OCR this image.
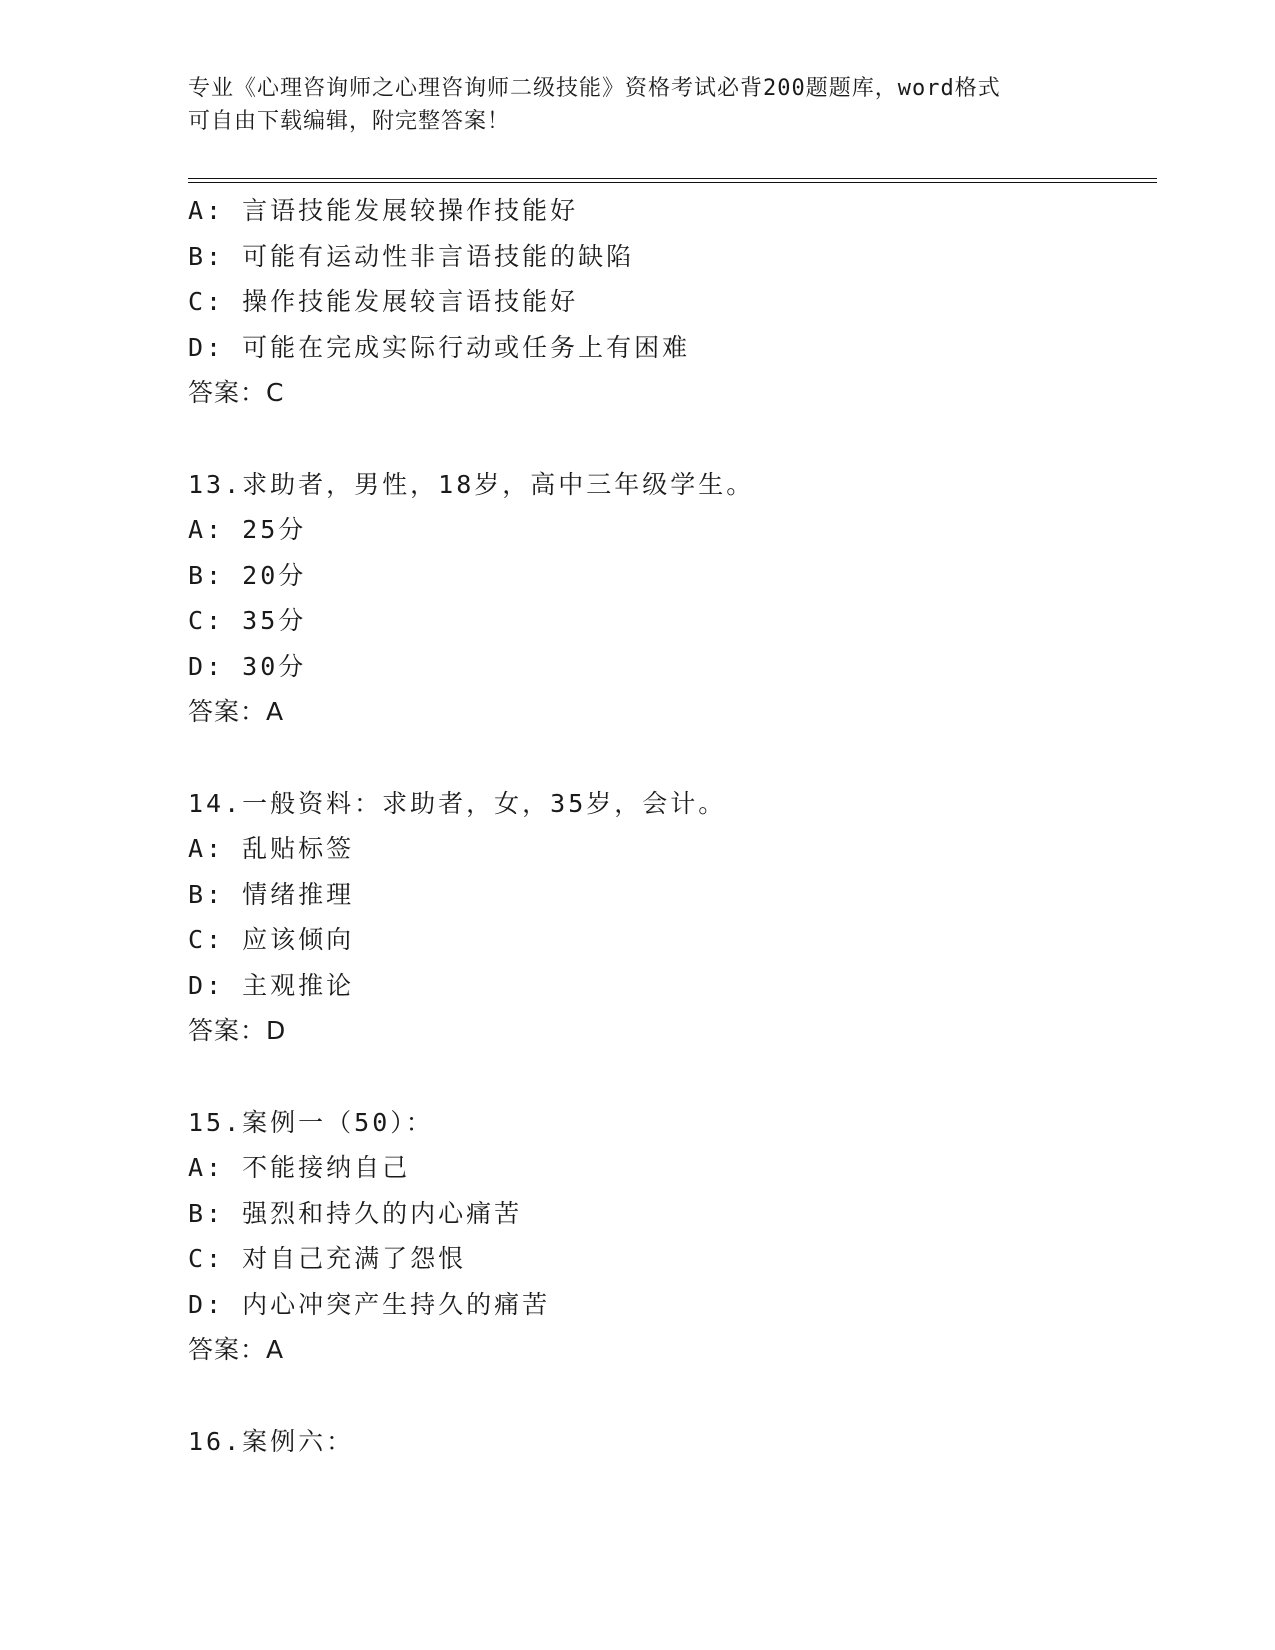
专业《心理咨询师之心理咨询师二级技能》资格考试必背200题题库，word格式
可自由下载编辑，附完整答案！
A: 言语技能发展较操作技能好
B: 可能有运动性非言语技能的缺陷
C: 操作技能发展较言语技能好
D: 可能在完成实际行动或任务上有困难
答案：C
13.求助者，男性，18岁，高中三年级学生。
A: 25分
B: 20分
C: 35分
D: 30分
答案：A
14.一般资料：求助者，女，35岁，会计。
A: 乱贴标签
B: 情绪推理
C: 应该倾向
D: 主观推论
答案：D
15.案例一（50）：
A: 不能接纳自己
B: 强烈和持久的内心痛苦
C: 对自己充满了怨恨
D: 内心冲突产生持久的痛苦
答案：A
16.案例六：
